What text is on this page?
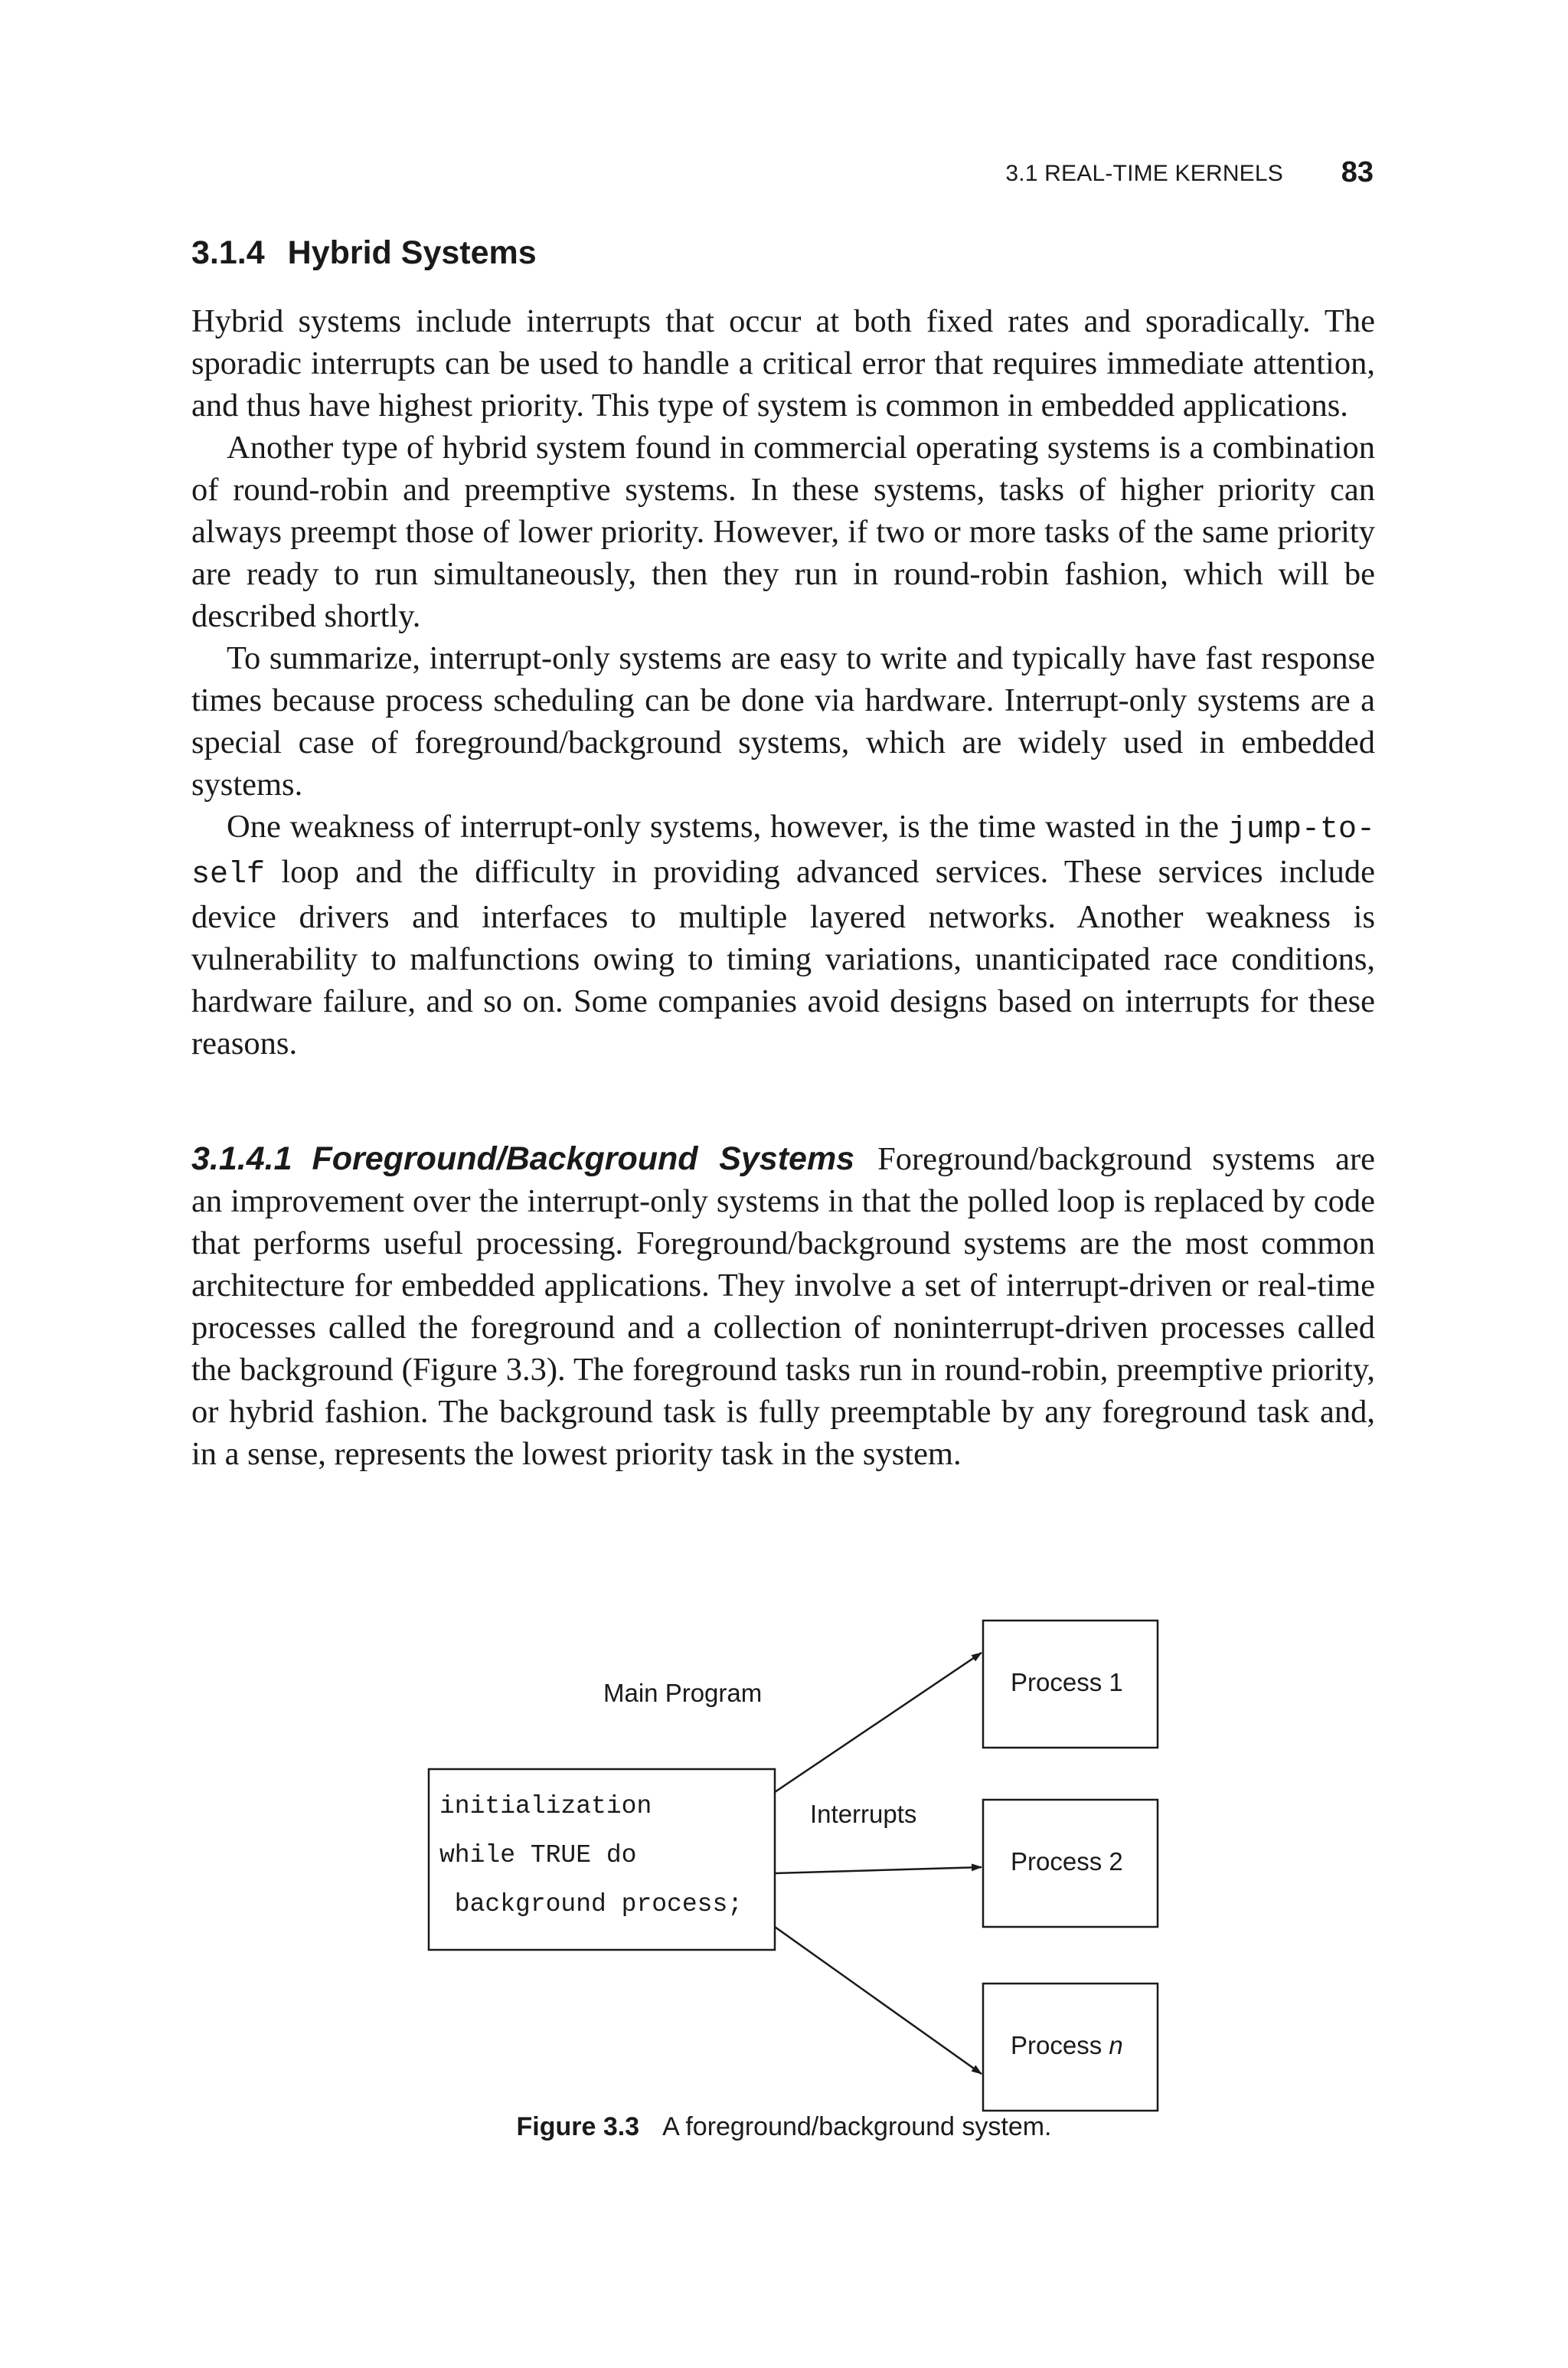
3.1 REAL-TIME KERNELS 83
3.1.4 Hybrid Systems

Hybrid systems include interrupts that occur at both fixed rates and sporadically. The sporadic interrupts can be used to handle a critical error that requires immediate attention, and thus have highest priority. This type of system is common in embedded applications.

Another type of hybrid system found in commercial operating systems is a combination of round-robin and preemptive systems. In these systems, tasks of higher priority can always preempt those of lower priority. However, if two or more tasks of the same priority are ready to run simultaneously, then they run in round-robin fashion, which will be described shortly.

To summarize, interrupt-only systems are easy to write and typically have fast response times because process scheduling can be done via hardware. Interrupt-only systems are a special case of foreground/background systems, which are widely used in embedded systems.

One weakness of interrupt-only systems, however, is the time wasted in the jump-to-self loop and the difficulty in providing advanced services. These services include device drivers and interfaces to multiple layered networks. Another weakness is vulnerability to malfunctions owing to timing variations, unanticipated race conditions, hardware failure, and so on. Some companies avoid designs based on interrupts for these reasons.

3.1.4.1 Foreground/Background Systems Foreground/background systems are an improvement over the interrupt-only systems in that the polled loop is replaced by code that performs useful processing. Foreground/background systems are the most common architecture for embedded applications. They involve a set of interrupt-driven or real-time processes called the foreground and a collection of noninterrupt-driven processes called the background (Figure 3.3). The foreground tasks run in round-robin, preemptive priority, or hybrid fashion. The background task is fully preemptable by any foreground task and, in a sense, represents the lowest priority task in the system.

Main Program
initialization
while TRUE do
background process;
Interrupts
Process 1
Process 2
Process n
Figure 3.3 A foreground/background system.
